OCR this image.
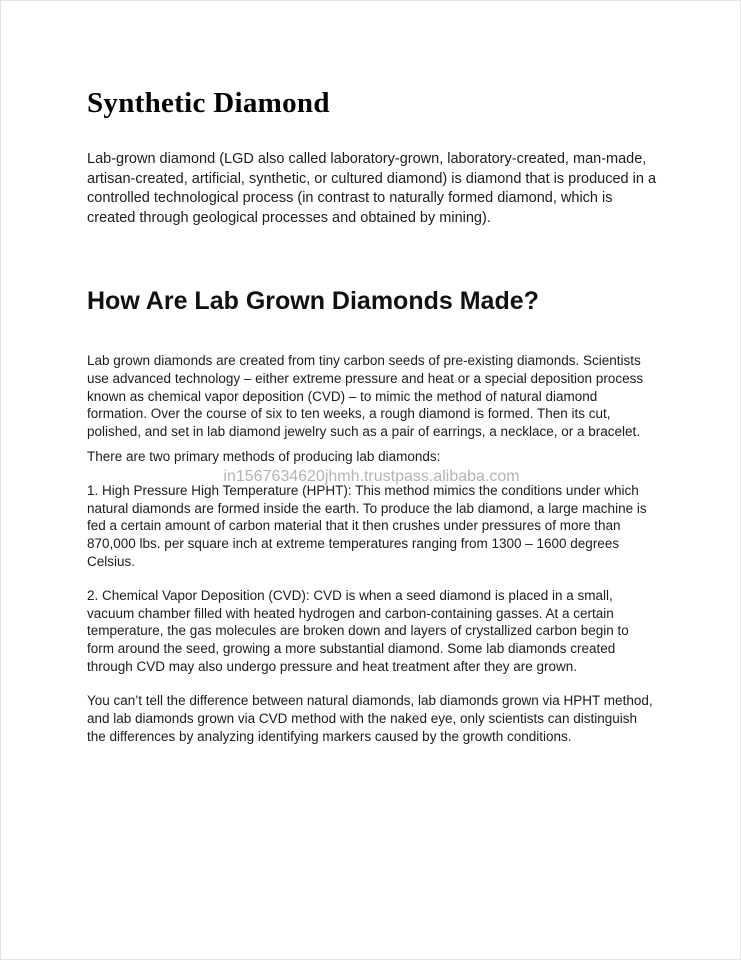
Synthetic Diamond

Lab-grown diamond (LGD also called laboratory-grown, laboratory-created, man-made, artisan-created, artificial, synthetic, or cultured diamond) is diamond that is produced in a controlled technological process (in contrast to naturally formed diamond, which is created through geological processes and obtained by mining).

How Are Lab Grown Diamonds Made?

Lab grown diamonds are created from tiny carbon seeds of pre-existing diamonds. Scientists use advanced technology – either extreme pressure and heat or a special deposition process known as chemical vapor deposition (CVD) – to mimic the method of natural diamond formation. Over the course of six to ten weeks, a rough diamond is formed. Then its cut, polished, and set in lab diamond jewelry such as a pair of earrings, a necklace, or a bracelet.

There are two primary methods of producing lab diamonds:

1. High Pressure High Temperature (HPHT): This method mimics the conditions under which natural diamonds are formed inside the earth. To produce the lab diamond, a large machine is fed a certain amount of carbon material that it then crushes under pressures of more than 870,000 lbs. per square inch at extreme temperatures ranging from 1300 – 1600 degrees Celsius.

2. Chemical Vapor Deposition (CVD): CVD is when a seed diamond is placed in a small, vacuum chamber filled with heated hydrogen and carbon-containing gasses. At a certain temperature, the gas molecules are broken down and layers of crystallized carbon begin to form around the seed, growing a more substantial diamond. Some lab diamonds created through CVD may also undergo pressure and heat treatment after they are grown.

You can’t tell the difference between natural diamonds, lab diamonds grown via HPHT method, and lab diamonds grown via CVD method with the naked eye, only scientists can distinguish the differences by analyzing identifying markers caused by the growth conditions.

in1567634620jhmh.trustpass.alibaba.com
